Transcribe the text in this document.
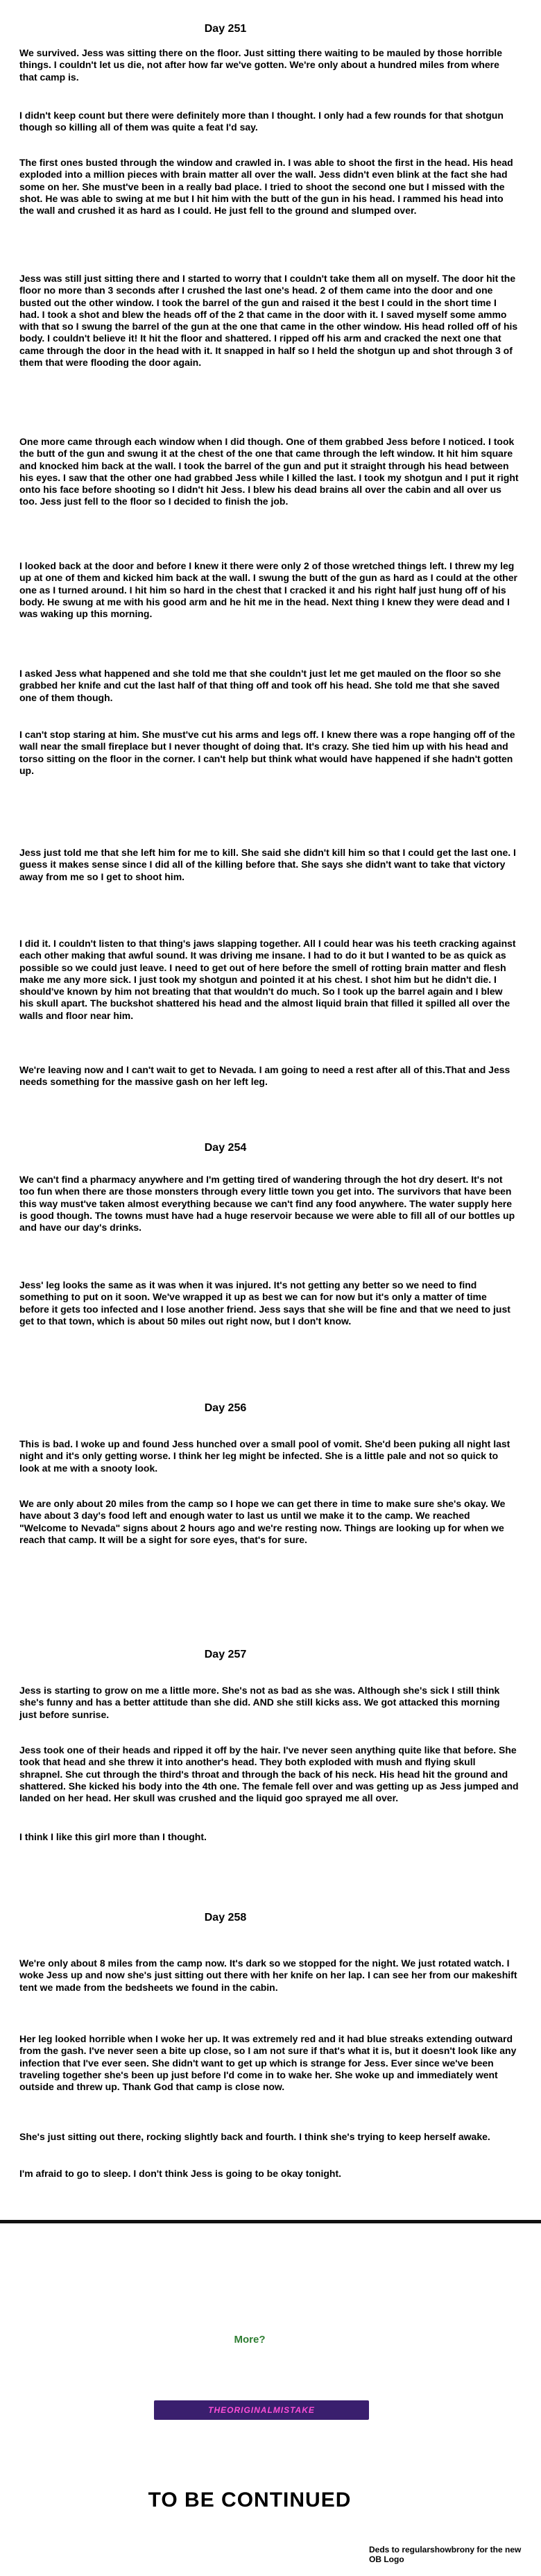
Day 251

We survived. Jess was sitting there on the floor. Just sitting there waiting to be mauled by those horrible things. I couldn't let us die, not after how far we've gotten. We're only about a hundred miles from where that camp is.

I didn't keep count but there were definitely more than I thought. I only had a few rounds for that shotgun though so killing all of them was quite a feat I'd say.

The first ones busted through the window and crawled in. I was able to shoot the first in the head. His head exploded into a million pieces with brain matter all over the wall. Jess didn't even blink at the fact she had some on her. She must've been in a really bad place. I tried to shoot the second one but I missed with the shot. He was able to swing at me but I hit him with the butt of the gun in his head. I rammed his head into the wall and crushed it as hard as I could. He just fell to the ground and slumped over.

Jess was still just sitting there and I started to worry that I couldn't take them all on myself. The door hit the floor no more than 3 seconds after I crushed the last one's head. 2 of them came into the door and one busted out the other window. I took the barrel of the gun and raised it the best I could in the short time I had. I took a shot and blew the heads off of the 2 that came in the door with it. I saved myself some ammo with that so I swung the barrel of the gun at the one that came in the other window. His head rolled off of his body. I couldn't believe it! It hit the floor and shattered. I ripped off his arm and cracked the next one that came through the door in the head with it. It snapped in half so I held the shotgun up and shot through 3 of them that were flooding the door again.

One more came through each window when I did though. One of them grabbed Jess before I noticed. I took the butt of the gun and swung it at the chest of the one that came through the left window. It hit him square and knocked him back at the wall. I took the barrel of the gun and put it straight through his head between his eyes. I saw that the other one had grabbed Jess while I killed the last. I took my shotgun and I put it right onto his face before shooting so I didn't hit Jess. I blew his dead brains all over the cabin and all over us too. Jess just fell to the floor so I decided to finish the job.

I looked back at the door and before I knew it there were only 2 of those wretched things left. I threw my leg up at one of them and kicked him back at the wall. I swung the butt of the gun as hard as I could at the other one as I turned around. I hit him so hard in the chest that I cracked it and his right half just hung off of his body. He swung at me with his good arm and he hit me in the head. Next thing I knew they were dead and I was waking up this morning.

I asked Jess what happened and she told me that she couldn't just let me get mauled on the floor so she grabbed her knife and cut the last half of that thing off and took off his head. She told me that she saved one of them though.

I can't stop staring at him. She must've cut his arms and legs off. I knew there was a rope hanging off of the wall near the small fireplace but I never thought of doing that. It's crazy. She tied him up with his head and torso sitting on the floor in the corner. I can't help but think what would have happened if she hadn't gotten up.

Jess just told me that she left him for me to kill. She said she didn't kill him so that I could get the last one. I guess it makes sense since I did all of the killing before that. She says she didn't want to take that victory away from me so I get to shoot him.

I did it. I couldn't listen to that thing's jaws slapping together. All I could hear was his teeth cracking against each other making that awful sound. It was driving me insane. I had to do it but I wanted to be as quick as possible so we could just leave. I need to get out of here before the smell of rotting brain matter and flesh make me any more sick. I just took my shotgun and pointed it at his chest. I shot him but he didn't die. I should've known by him not breating that that wouldn't do much. So I took up the barrel again and I blew his skull apart. The buckshot shattered his head and the almost liquid brain that filled it spilled all over the walls and floor near him.

We're leaving now and I can't wait to get to Nevada. I am going to need a rest after all of this.That and Jess needs something for the massive gash on her left leg.

Day 254

We can't find a pharmacy anywhere and I'm getting tired of wandering through the hot dry desert. It's not too fun when there are those monsters through every little town you get into. The survivors that have been this way must've taken almost everything because we can't find any food anywhere. The water supply here is good though. The towns must have had a huge reservoir because we were able to fill all of our bottles up and have our day's drinks.

Jess' leg looks the same as it was when it was injured. It's not getting any better so we need to find something to put on it soon. We've wrapped it up as best we can for now but it's only a matter of time before it gets too infected and I lose another friend. Jess says that she will be fine and that we need to just get to that town, which is about 50 miles out right now, but I don't know.

Day 256

This is bad. I woke up and found Jess hunched over a small pool of vomit. She'd been puking all night last night and it's only getting worse. I think her leg might be infected. She is a little pale and not so quick to look at me with a snooty look.

We are only about 20 miles from the camp so I hope we can get there in time to make sure she's okay. We have about 3 day's food left and enough water to last us until we make it to the camp. We reached "Welcome to Nevada" signs about 2 hours ago and we're resting now. Things are looking up for when we reach that camp. It will be a sight for sore eyes, that's for sure.

Day 257

Jess is starting to grow on me a little more. She's not as bad as she was. Although she's sick I still think she's funny and has a better attitude than she did. AND she still kicks ass. We got attacked this morning just before sunrise.

Jess took one of their heads and ripped it off by the hair. I've never seen anything quite like that before. She took that head and she threw it into another's head. They both exploded with mush and flying skull shrapnel. She cut through the third's throat and through the back of his neck. His head hit the ground and shattered. She kicked his body into the 4th one. The female fell over and was getting up as Jess jumped and landed on her head. Her skull was crushed and the liquid goo sprayed me all over.

I think I like this girl more than I thought.

Day 258

We're only about 8 miles from the camp now. It's dark so we stopped for the night. We just rotated watch. I woke Jess up and now she's just sitting out there with her knife on her lap. I can see her from our makeshift tent we made from the bedsheets we found in the cabin.

Her leg looked horrible when I woke her up. It was extremely red and it had blue streaks extending outward from the gash. I've never seen a bite up close, so I am not sure if that's what it is, but it doesn't look like any infection that I've ever seen. She didn't want to get up which is strange for Jess. Ever since we've been traveling together she's been up just before I'd come in to wake her. She woke up and immediately went outside and threw up. Thank God that camp is close now.

She's just sitting out there, rocking slightly back and fourth. I think she's trying to keep herself awake.

I'm afraid to go to sleep. I don't think Jess is going to be okay tonight.

More?
THEORIGINALMISTAKE
TO BE CONTINUED
Deds to regularshowbrony for the new OB Logo
